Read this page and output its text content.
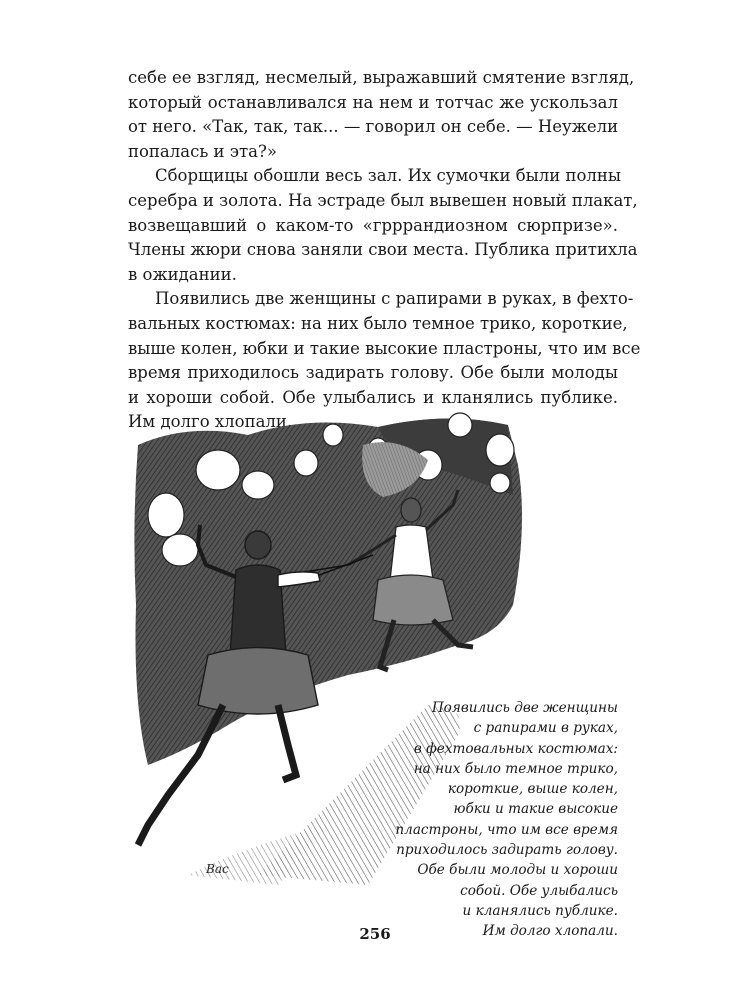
себе ее взгляд, несмелый, выражавший смятение взгляд,
который останавливался на нем и тотчас же ускользал
от него. «Так, так, так... — говорил он себе. — Неужели
попалась и эта?»
Сборщицы обошли весь зал. Их сумочки были полны
серебра и золота. На эстраде был вывешен новый плакат,
возвещавший о каком-то «грррандиозном сюрпризе».
Члены жюри снова заняли свои места. Публика притихла
в ожидании.
Появились две женщины с рапирами в руках, в фехто-
вальных костюмах: на них было темное трико, короткие,
выше колен, юбки и такие высокие пластроны, что им все
время приходилось задирать голову. Обе были молоды
и хороши собой. Обе улыбались и кланялись публике.
Им долго хлопали.
Bac
Появились две женщины
с рапирами в руках,
в фехтовальных костюмах:
на них было темное трико,
короткие, выше колен,
юбки и такие высокие
пластроны, что им все время
приходилось задирать голову.
Обе были молоды и хороши
собой. Обе улыбались
и кланялись публике.
Им долго хлопали.
256
